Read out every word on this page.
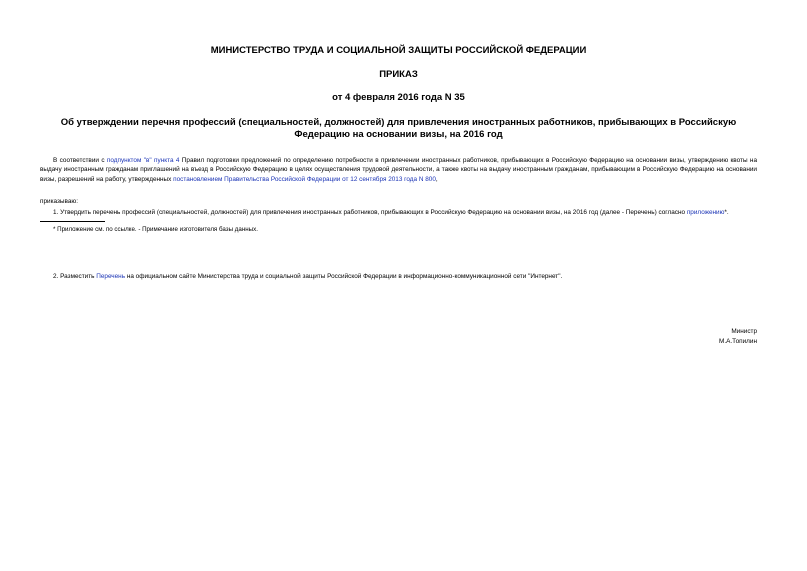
МИНИСТЕРСТВО ТРУДА И СОЦИАЛЬНОЙ ЗАЩИТЫ РОССИЙСКОЙ ФЕДЕРАЦИИ

ПРИКАЗ

от 4 февраля 2016 года N 35

Об утверждении перечня профессий (специальностей, должностей) для привлечения иностранных работников, прибывающих в Российскую Федерацию на основании визы, на 2016 год

В соответствии с подпунктом "в" пункта 4 Правил подготовки предложений по определению потребности в привлечении иностранных работников, прибывающих в Российскую Федерацию на основании визы, утверждению квоты на выдачу иностранным гражданам приглашений на въезд в Российскую Федерацию в целях осуществления трудовой деятельности, а также квоты на выдачу иностранным гражданам, прибывающим в Российскую Федерацию на основании визы, разрешений на работу, утвержденных постановлением Правительства Российской Федерации от 12 сентября 2013 года N 800,

приказываю:

1. Утвердить перечень профессий (специальностей, должностей) для привлечения иностранных работников, прибывающих в Российскую Федерацию на основании визы, на 2016 год (далее - Перечень) согласно приложению*.

* Приложение см. по ссылке. - Примечание изготовителя базы данных.

2. Разместить Перечень на официальном сайте Министерства труда и социальной защиты Российской Федерации в информационно-коммуникационной сети "Интернет".

Министр
М.А.Топилин
